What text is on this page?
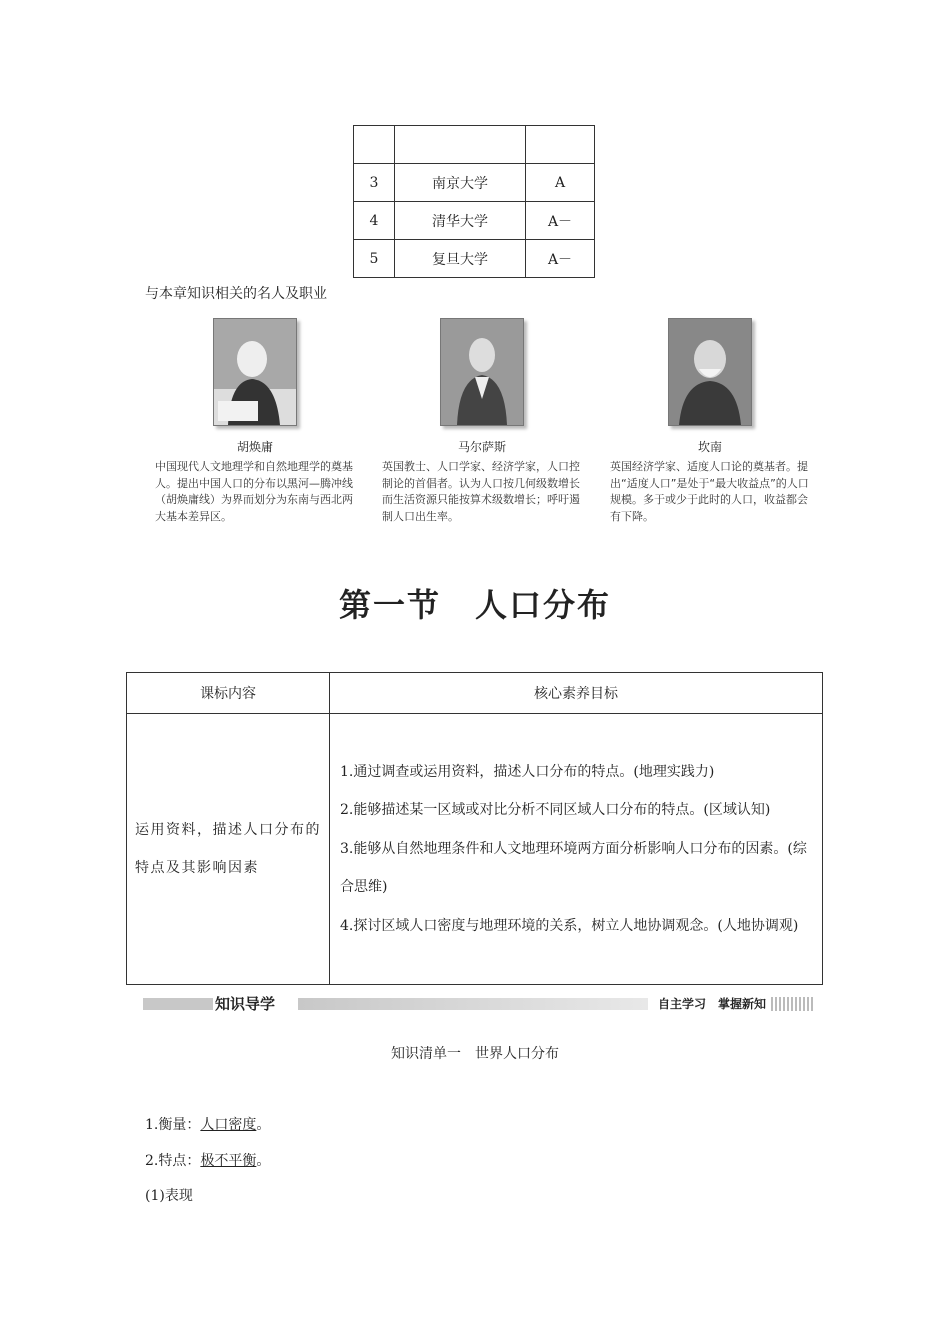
3	南京大学	A
4	清华大学	A－
5	复旦大学	A－
与本章知识相关的名人及职业
胡焕庸
中国现代人文地理学和自然地理学的奠基人。提出中国人口的分布以黑河—腾冲线（胡焕庸线）为界而划分为东南与西北两大基本差异区。
马尔萨斯
英国教士、人口学家、经济学家，人口控制论的首倡者。认为人口按几何级数增长而生活资源只能按算术级数增长；呼吁遏制人口出生率。
坎南
英国经济学家、适度人口论的奠基者。提出“适度人口”是处于“最大收益点”的人口规模。多于或少于此时的人口，收益都会有下降。
第一节　人口分布
课标内容	核心素养目标
运用资料，描述人口分布的特点及其影响因素	1.通过调查或运用资料，描述人口分布的特点。(地理实践力)
2.能够描述某一区域或对比分析不同区域人口分布的特点。(区域认知)
3.能够从自然地理条件和人文地理环境两方面分析影响人口分布的因素。(综合思维)
4.探讨区域人口密度与地理环境的关系，树立人地协调观念。(人地协调观)
知识导学	自主学习　掌握新知
知识清单一　世界人口分布
1.衡量：人口密度。
2.特点：极不平衡。
(1)表现
